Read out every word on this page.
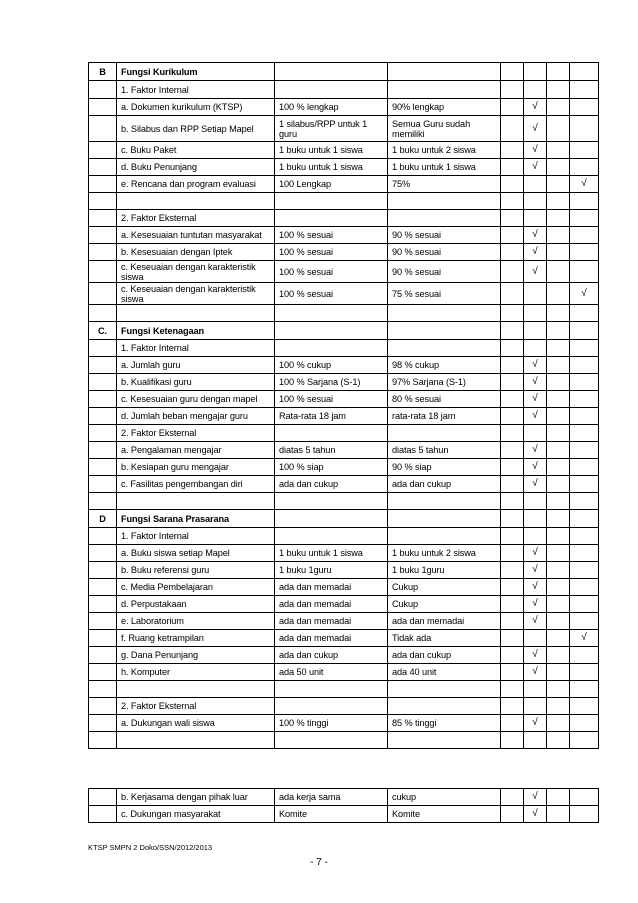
B	Fungsi Kurikulum						
	1. Faktor Internal						
	a. Dokumen kurikulum (KTSP)	100 % lengkap	90% lengkap		√		
	b. Silabus dan RPP Setiap Mapel	1 silabus/RPP untuk 1 guru	Semua Guru sudah memiliki		√		
	c. Buku Paket	1 buku untuk 1 siswa	1 buku untuk 2 siswa		√		
	d. Buku Penunjang	1 buku untuk 1 siswa	1 buku untuk 1 siswa		√		
	e. Rencana dan program evaluasi	100 Lengkap	75%				√

	2. Faktor Eksternal						
	a. Kesesuaian tuntutan masyarakat	100 % sesuai	90 % sesuai		√		
	b. Kesesuaian dengan Iptek	100 % sesuai	90 % sesuai		√		
	c. Keseuaian dengan karakteristik siswa	100 % sesuai	90 % sesuai		√		
	c. Keseuaian dengan karakteristik siswa	100 % sesuai	75 % sesuai				√

C.	Fungsi Ketenagaan						
	1. Faktor Internal						
	a. Jumlah guru	100 % cukup	98 % cukup		√		
	b. Kualifikasi guru	100 % Sarjana (S-1)	97% Sarjana (S-1)		√		
	c. Kesesuaian guru dengan mapel	100 % sesuai	80 % sesuai		√		
	d. Jumlah beban mengajar guru	Rata-rata 18 jam	rata-rata 18 jam		√		
	2. Faktor Eksternal						
	a. Pengalaman mengajar	diatas 5 tahun	diatas 5 tahun		√		
	b. Kesiapan guru mengajar	100 % siap	90 % siap		√		
	c. Fasilitas pengembangan diri	ada dan cukup	ada dan cukup		√		

D	Fungsi Sarana Prasarana						
	1. Faktor Internal						
	a. Buku siswa setiap Mapel	1 buku untuk 1 siswa	1 buku untuk 2 siswa		√		
	b. Buku referensi guru	1 buku 1guru	1 buku 1guru		√		
	c. Media Pembelajaran	ada dan memadai	Cukup		√		
	d. Perpustakaan	ada dan memadai	Cukup		√		
	e. Laboratorium	ada dan memadai	ada dan memadai		√		
	f. Ruang ketrampilan	ada dan memadai	Tidak ada				√
	g. Dana Penunjang	ada dan cukup	ada dan cukup		√		
	h. Komputer	ada 50 unit	ada 40 unit		√		

	2. Faktor Eksternal						
	a. Dukungan wali siswa	100 % tinggi	85 % tinggi		√		

	b. Kerjasama dengan pihak luar	ada kerja sama	cukup		√		
	c. Dukungan masyarakat	Komite	Komite		√		
KTSP SMPN 2 Doko/SSN/2012/2013
- 7 -
